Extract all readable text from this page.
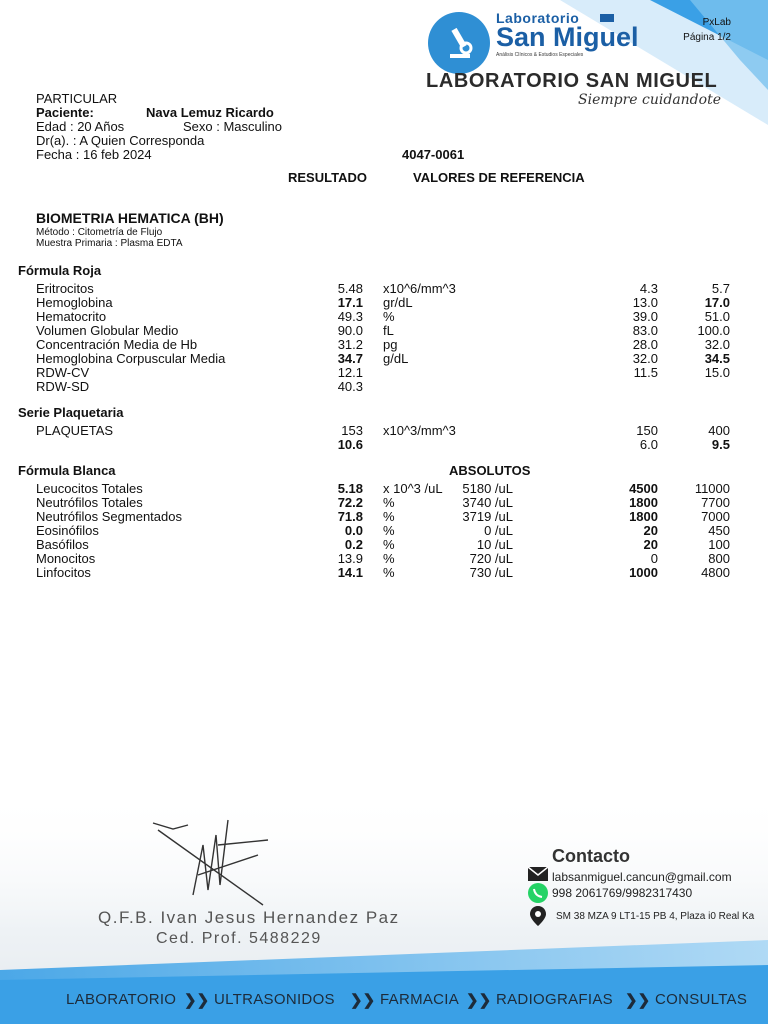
Laboratorio
San Miguel
Análisis Clínicos & Estudios Especiales
LABORATORIO SAN MIGUEL
Siempre cuidandote
PxLab
Página 1/2
PARTICULAR
Paciente:	Nava Lemuz Ricardo
Edad : 20 Años	Sexo : Masculino
Dr(a). : A Quien Corresponda
Fecha : 16 feb 2024	4047-0061
RESULTADO	VALORES DE REFERENCIA
BIOMETRIA HEMATICA (BH)
Método : Citometría de Flujo
Muestra Primaria : Plasma EDTA
Fórmula Roja
Eritrocitos	5.48 x10^6/mm^3	4.3	5.7
Hemoglobina	17.1 gr/dL	13.0	17.0
Hematocrito	49.3 %	39.0	51.0
Volumen Globular Medio	90.0 fL	83.0	100.0
Concentración Media de Hb	31.2 pg	28.0	32.0
Hemoglobina Corpuscular Media	34.7 g/dL	32.0	34.5
RDW-CV	12.1	11.5	15.0
RDW-SD	40.3
Serie Plaquetaria
PLAQUETAS	153 x10^3/mm^3	150	400
10.6	6.0	9.5
Fórmula Blanca	ABSOLUTOS
Leucocitos Totales	5.18 x 10^3 /uL 5180 /uL	4500	11000
Neutrófilos Totales	72.2 %	3740 /uL	1800	7700
Neutrófilos Segmentados	71.8 %	3719 /uL	1800	7000
Eosinófilos	0.0 %	0 /uL	20	450
Basófilos	0.2 %	10 /uL	20	100
Monocitos	13.9 %	720 /uL	0	800
Linfocitos	14.1 %	730 /uL	1000	4800
Q.F.B. Ivan Jesus Hernandez Paz
Ced. Prof. 5488229
Contacto
labsanmiguel.cancun@gmail.com
998 2061769/9982317430
SM 38 MZA 9 LT1-15 PB 4, Plaza i0 Real Ka
LABORATORIO ❯❯ ULTRASONIDOS ❯❯ FARMACIA ❯❯ RADIOGRAFIAS ❯❯ CONSULTAS
